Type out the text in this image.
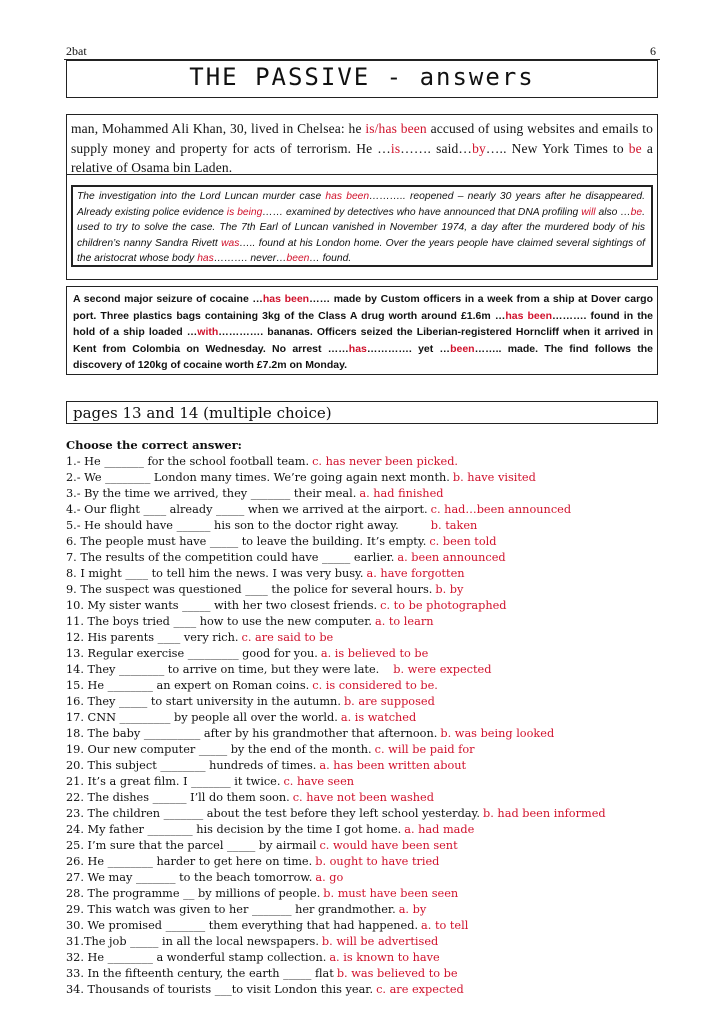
2bat	6
THE PASSIVE - answers
man, Mohammed Ali Khan, 30, lived in Chelsea: he is/has been accused of using websites and emails to supply money and property for acts of terrorism. He …is……. said…by….. New York Times to be a relative of Osama bin Laden.
The investigation into the Lord Luncan murder case has been……….. reopened – nearly 30 years after he disappeared. Already existing police evidence is being…… examined by detectives who have announced that DNA profiling will also …be. used to try to solve the case. The 7th Earl of Luncan vanished in November 1974, a day after the murdered body of his children’s nanny Sandra Rivett was….. found at his London home. Over the years people have claimed several sightings of the aristocrat whose body has………. never…been… found.
A second major seizure of cocaine …has been…… made by Custom officers in a week from a ship at Dover cargo port. Three plastics bags containing 3kg of the Class A drug worth around £1.6m …has been………. found in the hold of a ship loaded …with…………. bananas. Officers seized the Liberian-registered Horncliff when it arrived in Kent from Colombia on Wednesday. No arrest ……has…………. yet …been…….. made. The find follows the discovery of 120kg of cocaine worth £7.2m on Monday.
pages 13 and 14 (multiple choice)
Choose the correct answer:
1.- He _______ for the school football team. c. has never been picked.
2.- We ________ London many times. We’re going again next month. b. have visited
3.- By the time we arrived, they _______ their meal. a. had finished
4.- Our flight ____ already _____ when we arrived at the airport. c. had…been announced
5.- He should have ______ his son to the doctor right away.	b. taken
6. The people must have _____ to leave the building. It’s empty. c. been told
7. The results of the competition could have _____ earlier. a. been announced
8. I might ____ to tell him the news. I was very busy. a. have forgotten
9. The suspect was questioned ____ the police for several hours. b. by
10. My sister wants _____ with her two closest friends. c. to be photographed
11. The boys tried ____ how to use the new computer. a. to learn
12. His parents ____ very rich. c. are said to be
13. Regular exercise _________ good for you. a. is believed to be
14. They ________ to arrive on time, but they were late. b. were expected
15. He ________ an expert on Roman coins. c. is considered to be.
16. They _____ to start university in the autumn. b. are supposed
17. CNN _________ by people all over the world. a. is watched
18. The baby __________ after by his grandmother that afternoon. b. was being looked
19. Our new computer _____ by the end of the month. c. will be paid for
20. This subject ________ hundreds of times. a. has been written about
21. It’s a great film. I _______ it twice. c. have seen
22. The dishes ______ I’ll do them soon. c. have not been washed
23. The children _______ about the test before they left school yesterday. b. had been informed
24. My father ________ his decision by the time I got home. a. had made
25. I’m sure that the parcel _____ by airmail c. would have been sent
26. He ________ harder to get here on time. b. ought to have tried
27. We may _______ to the beach tomorrow. a. go
28. The programme __ by millions of people. b. must have been seen
29. This watch was given to her _______ her grandmother. a. by
30. We promised _______ them everything that had happened. a. to tell
31.The job _____ in all the local newspapers. b. will be advertised
32. He ________ a wonderful stamp collection. a. is known to have
33. In the fifteenth century, the earth _____ flat b. was believed to be
34. Thousands of tourists ___to visit London this year. c. are expected
